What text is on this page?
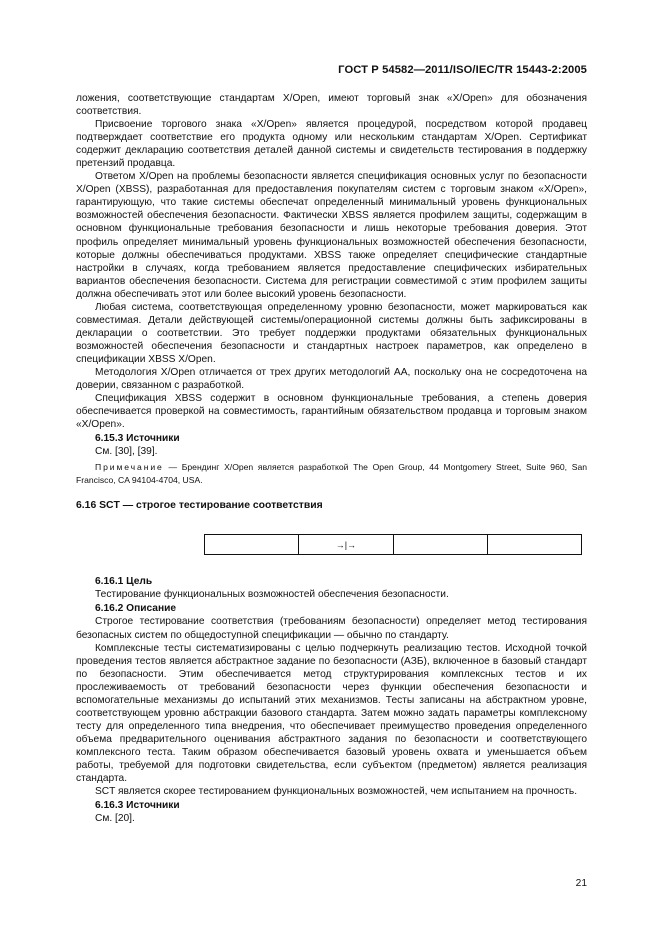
ГОСТ Р 54582—2011/ISO/IEC/TR 15443-2:2005

ложения, соответствующие стандартам X/Open, имеют торговый знак «X/Open» для обозначения соответствия.

Присвоение торгового знака «X/Open» является процедурой, посредством которой продавец подтверждает соответствие его продукта одному или нескольким стандартам X/Open. Сертификат содержит декларацию соответствия деталей данной системы и свидетельств тестирования в поддержку претензий продавца.

Ответом X/Open на проблемы безопасности является спецификация основных услуг по безопасности X/Open (XBSS), разработанная для предоставления покупателям систем с торговым знаком «X/Open», гарантирующую, что такие системы обеспечат определенный минимальный уровень функциональных возможностей обеспечения безопасности. Фактически XBSS является профилем защиты, содержащим в основном функциональные требования безопасности и лишь некоторые требования доверия. Этот профиль определяет минимальный уровень функциональных возможностей обеспечения безопасности, которые должны обеспечиваться продуктами. XBSS также определяет специфические стандартные настройки в случаях, когда требованием является предоставление специфических избирательных вариантов обеспечения безопасности. Система для регистрации совместимой с этим профилем защиты должна обеспечивать этот или более высокий уровень безопасности.

Любая система, соответствующая определенному уровню безопасности, может маркироваться как совместимая. Детали действующей системы/операционной системы должны быть зафиксированы в декларации о соответствии. Это требует поддержки продуктами обязательных функциональных возможностей обеспечения безопасности и стандартных настроек параметров, как определено в спецификации XBSS X/Open.

Методология X/Open отличается от трех других методологий АА, поскольку она не сосредоточена на доверии, связанном с разработкой.

Спецификация XBSS содержит в основном функциональные требования, а степень доверия обеспечивается проверкой на совместимость, гарантийным обязательством продавца и торговым знаком «X/Open».

6.15.3 Источники

См. [30], [39].

Примечание — Брендинг X/Open является разработкой The Open Group, 44 Montgomery Street, Suite 960, San Francisco, CA 94104-4704, USA.
6.16 SCT — строгое тестирование соответствия
	→|→		
6.16.1 Цель

Тестирование функциональных возможностей обеспечения безопасности.

6.16.2 Описание

Строгое тестирование соответствия (требованиям безопасности) определяет метод тестирования безопасных систем по общедоступной спецификации — обычно по стандарту.

Комплексные тесты систематизированы с целью подчеркнуть реализацию тестов. Исходной точкой проведения тестов является абстрактное задание по безопасности (АЗБ), включенное в базовый стандарт по безопасности. Этим обеспечивается метод структурирования комплексных тестов и их прослеживаемость от требований безопасности через функции обеспечения безопасности и вспомогательные механизмы до испытаний этих механизмов. Тесты записаны на абстрактном уровне, соответствующем уровню абстракции базового стандарта. Затем можно задать параметры комплексному тесту для определенного типа внедрения, что обеспечивает преимущество проведения определенного объема предварительного оценивания абстрактного задания по безопасности и соответствующего комплексного теста. Таким образом обеспечивается базовый уровень охвата и уменьшается объем работы, требуемой для подготовки свидетельства, если субъектом (предметом) является реализация стандарта.

SCT является скорее тестированием функциональных возможностей, чем испытанием на прочность.

6.16.3 Источники

См. [20].

21
